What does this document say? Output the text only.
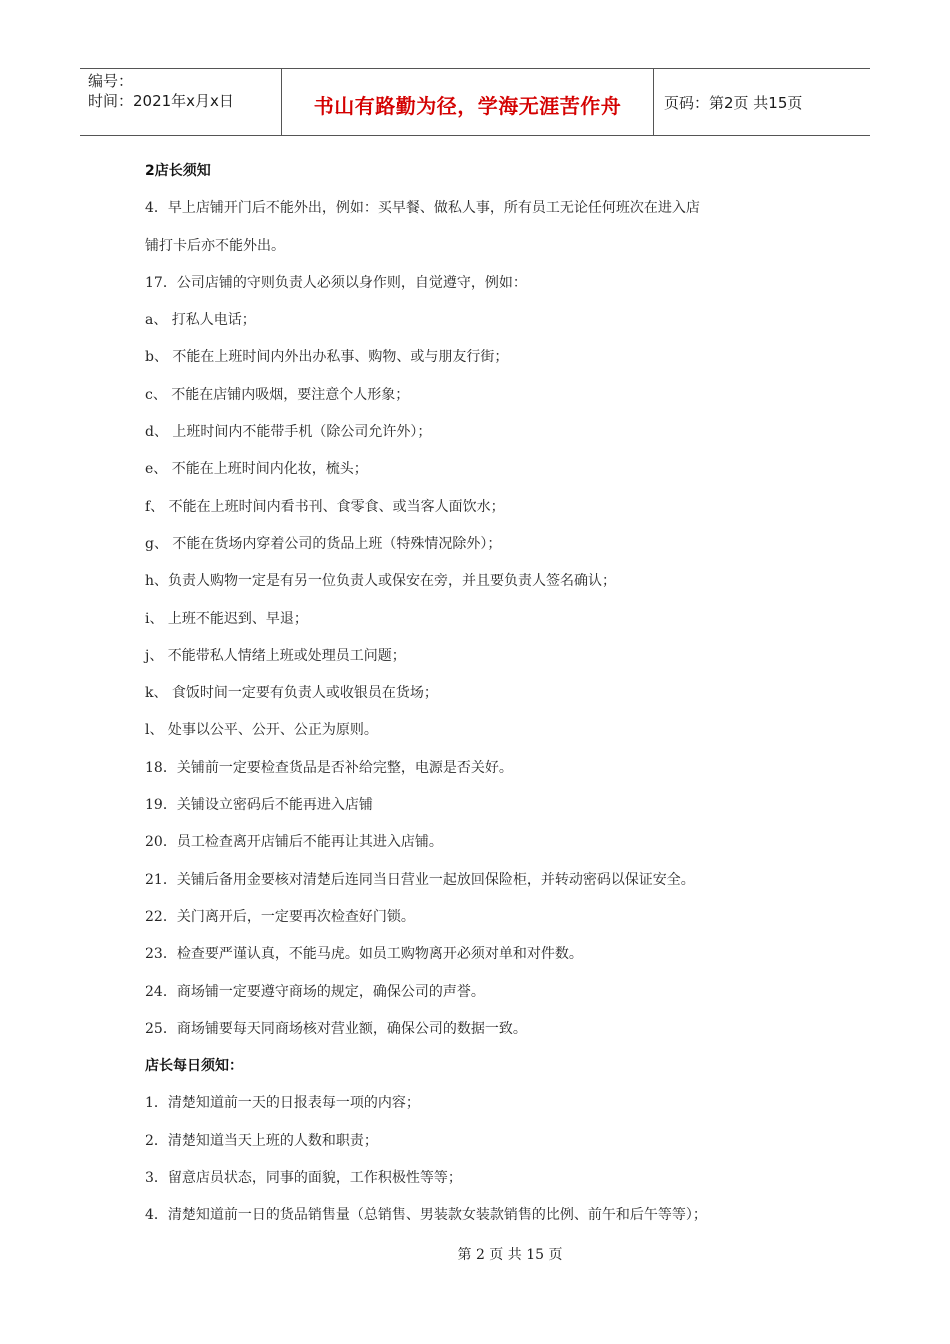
编号：
时间：2021年x月x日	书山有路勤为径，学海无涯苦作舟	页码：第2页 共15页
2店长须知
4．早上店铺开门后不能外出，例如：买早餐、做私人事，所有员工无论任何班次在进入店
铺打卡后亦不能外出。
17．公司店铺的守则负责人必须以身作则，自觉遵守，例如：
a、 打私人电话；
b、 不能在上班时间内外出办私事、购物、或与朋友行街；
c、 不能在店铺内吸烟，要注意个人形象；
d、 上班时间内不能带手机（除公司允许外）；
e、 不能在上班时间内化妆，梳头；
f、 不能在上班时间内看书刊、食零食、或当客人面饮水；
g、 不能在货场内穿着公司的货品上班（特殊情况除外）；
h、负责人购物一定是有另一位负责人或保安在旁，并且要负责人签名确认；
i、 上班不能迟到、早退；
j、 不能带私人情绪上班或处理员工问题；
k、 食饭时间一定要有负责人或收银员在货场；
l、 处事以公平、公开、公正为原则。
18．关铺前一定要检查货品是否补给完整，电源是否关好。
19．关铺设立密码后不能再进入店铺
20．员工检查离开店铺后不能再让其进入店铺。
21．关铺后备用金要核对清楚后连同当日营业一起放回保险柜，并转动密码以保证安全。
22．关门离开后，一定要再次检查好门锁。
23．检查要严谨认真，不能马虎。如员工购物离开必须对单和对件数。
24．商场铺一定要遵守商场的规定，确保公司的声誉。
25．商场铺要每天同商场核对营业额，确保公司的数据一致。
店长每日须知：
1．清楚知道前一天的日报表每一项的内容；
2．清楚知道当天上班的人数和职责；
3．留意店员状态，同事的面貌，工作积极性等等；
4．清楚知道前一日的货品销售量（总销售、男装款女装款销售的比例、前午和后午等等）；
第 2 页 共 15 页
